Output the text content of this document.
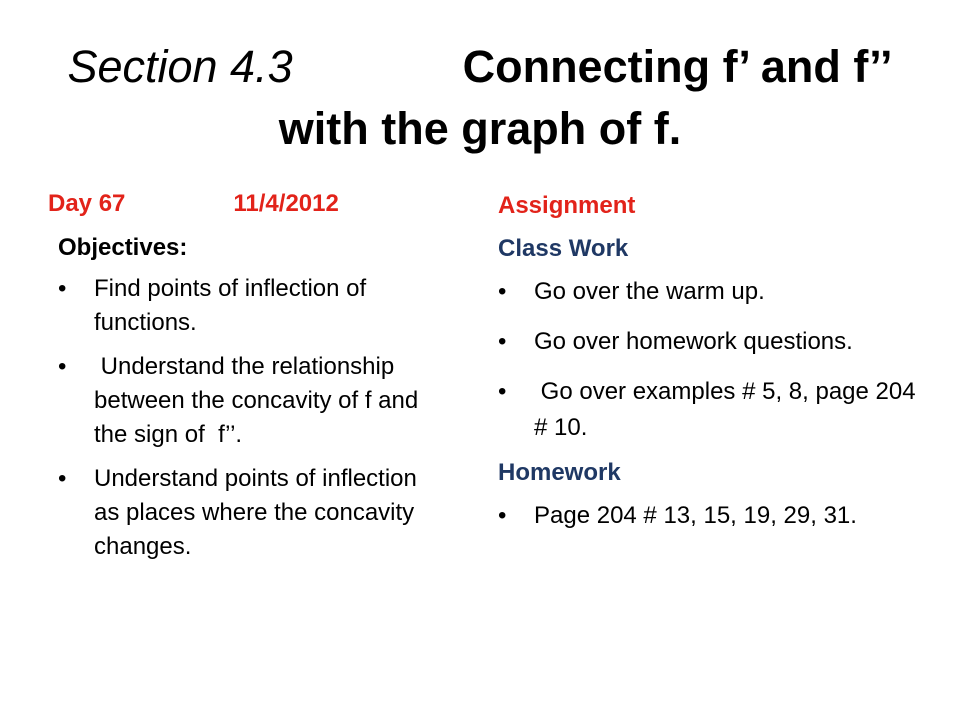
Section 4.3	Connecting f’ and f’’ with the graph of f.
Day 67	11/4/2012
Objectives:
• Find points of inflection of functions.
• Understand the relationship between the concavity of f and the sign of  f’’.
• Understand points of inflection as places where the concavity changes.
Assignment
Class Work
• Go over the warm up.
• Go over homework questions.
• Go over examples # 5, 8, page 204 # 10.
Homework
• Page 204 # 13, 15, 19, 29, 31.
